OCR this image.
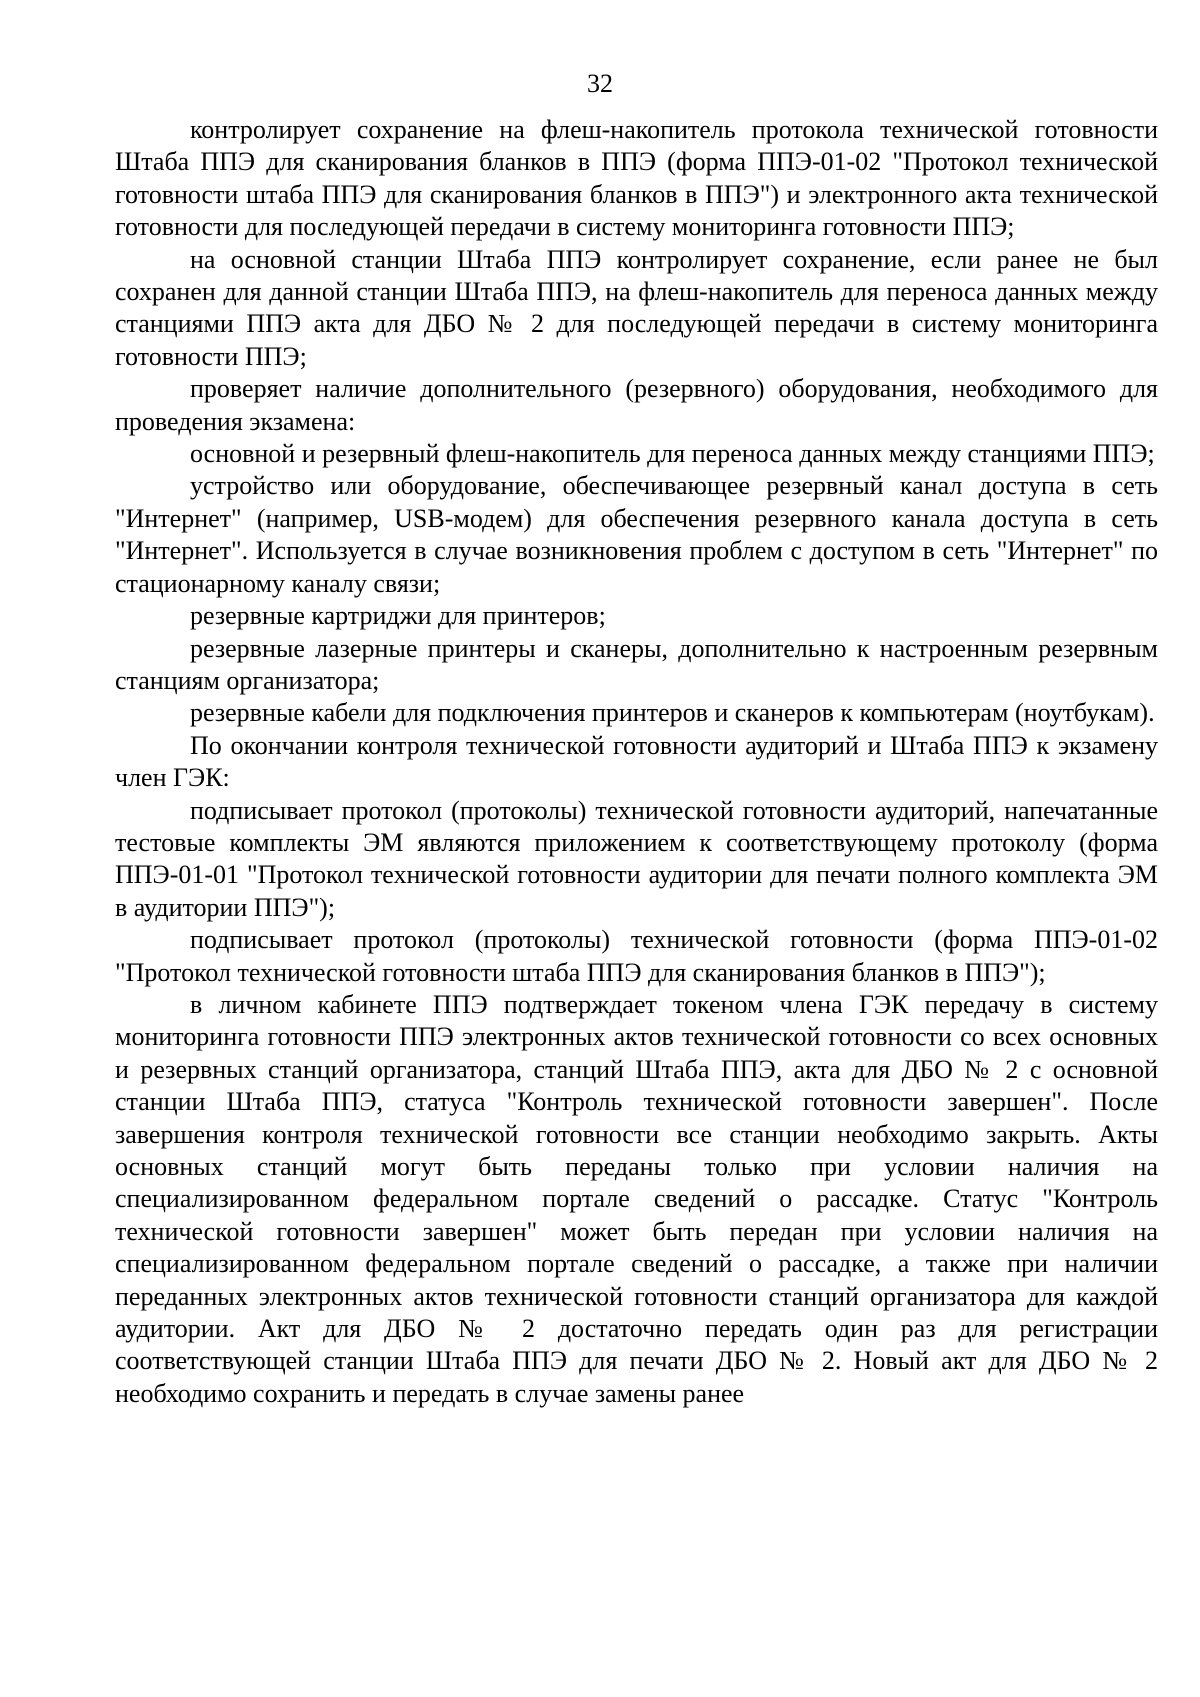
32

контролирует сохранение на флеш-накопитель протокола технической готовности Штаба ППЭ для сканирования бланков в ППЭ (форма ППЭ-01-02 "Протокол технической готовности штаба ППЭ для сканирования бланков в ППЭ") и электронного акта технической готовности для последующей передачи в систему мониторинга готовности ППЭ;

на основной станции Штаба ППЭ контролирует сохранение, если ранее не был сохранен для данной станции Штаба ППЭ, на флеш-накопитель для переноса данных между станциями ППЭ акта для ДБО № 2 для последующей передачи в систему мониторинга готовности ППЭ;

проверяет наличие дополнительного (резервного) оборудования, необходимого для проведения экзамена:

основной и резервный флеш-накопитель для переноса данных между станциями ППЭ;

устройство или оборудование, обеспечивающее резервный канал доступа в сеть "Интернет" (например, USB-модем) для обеспечения резервного канала доступа в сеть "Интернет". Используется в случае возникновения проблем с доступом в сеть "Интернет" по стационарному каналу связи;

резервные картриджи для принтеров;

резервные лазерные принтеры и сканеры, дополнительно к настроенным резервным станциям организатора;

резервные кабели для подключения принтеров и сканеров к компьютерам (ноутбукам).

По окончании контроля технической готовности аудиторий и Штаба ППЭ к экзамену член ГЭК:

подписывает протокол (протоколы) технической готовности аудиторий, напечатанные тестовые комплекты ЭМ являются приложением к соответствующему протоколу (форма ППЭ-01-01 "Протокол технической готовности аудитории для печати полного комплекта ЭМ в аудитории ППЭ");

подписывает протокол (протоколы) технической готовности (форма ППЭ-01-02 "Протокол технической готовности штаба ППЭ для сканирования бланков в ППЭ");

в личном кабинете ППЭ подтверждает токеном члена ГЭК передачу в систему мониторинга готовности ППЭ электронных актов технической готовности со всех основных и резервных станций организатора, станций Штаба ППЭ, акта для ДБО № 2 с основной станции Штаба ППЭ, статуса "Контроль технической готовности завершен". После завершения контроля технической готовности все станции необходимо закрыть. Акты основных станций могут быть переданы только при условии наличия на специализированном федеральном портале сведений о рассадке. Статус "Контроль технической готовности завершен" может быть передан при условии наличия на специализированном федеральном портале сведений о рассадке, а также при наличии переданных электронных актов технической готовности станций организатора для каждой аудитории. Акт для ДБО № 2 достаточно передать один раз для регистрации соответствующей станции Штаба ППЭ для печати ДБО № 2. Новый акт для ДБО № 2 необходимо сохранить и передать в случае замены ранее
